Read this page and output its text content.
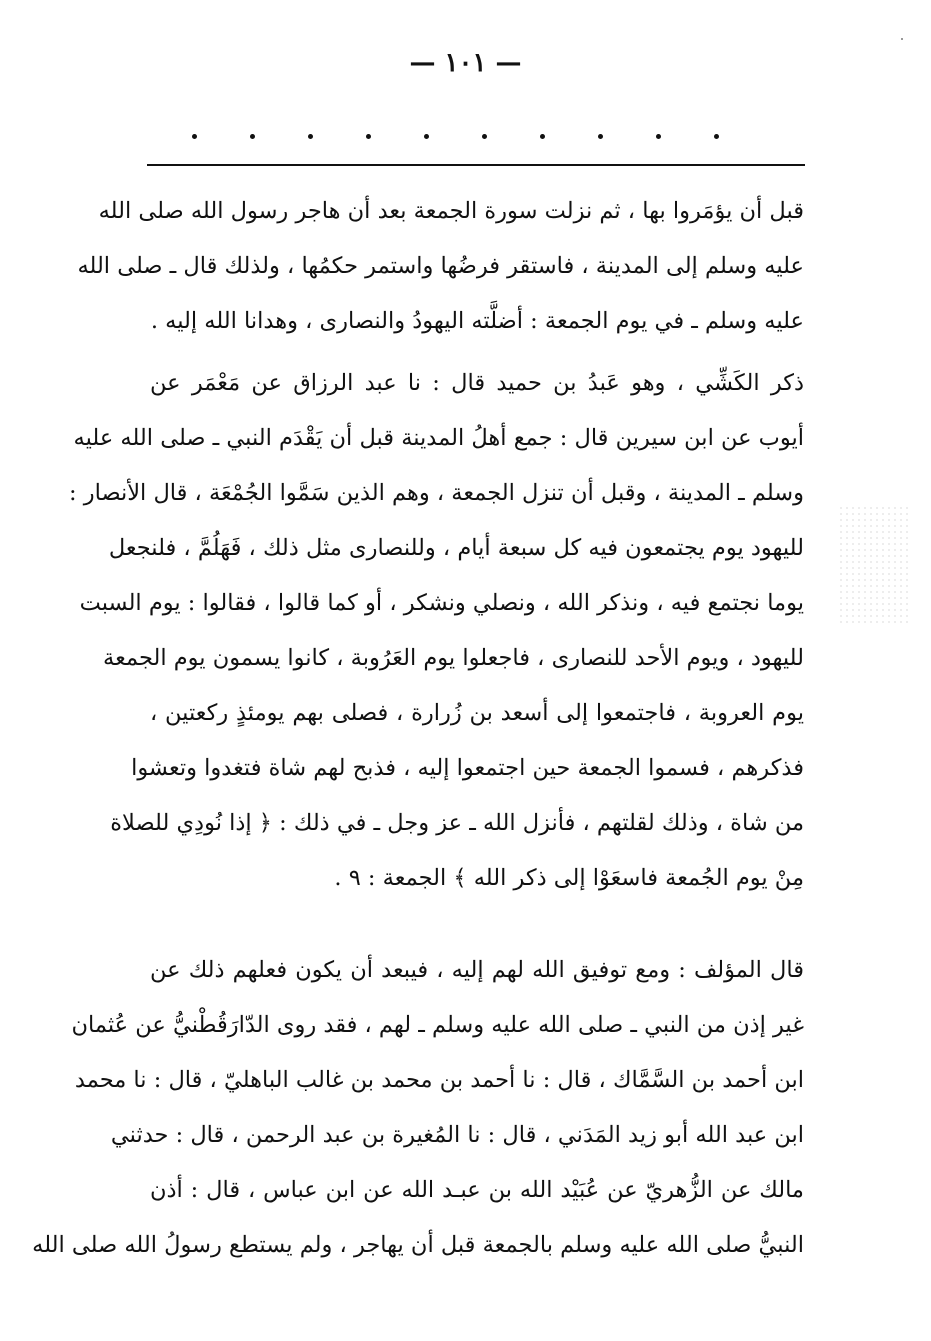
— ١٠١ —
قبل أن يؤمَروا بها ، ثم نزلت سورة الجمعة بعد أن هاجر رسول الله صلى الله
عليه وسلم إلى المدينة ، فاستقر فرضُها واستمر حكمُها ، ولذلك قال ـ صلى الله
عليه وسلم ـ في يوم الجمعة : أضلَّته اليهودُ والنصارى ، وهدانا الله إليه .
ذكر الكَشِّي ، وهو عَبدُ بن حميد قال : نا عبد الرزاق عن مَعْمَر عن
أيوب عن ابن سيرين قال : جمع أهلُ المدينة قبل أن يَقْدَم النبي ـ صلى الله عليه
وسلم ـ المدينة ، وقبل أن تنزل الجمعة ، وهم الذين سَمَّوا الجُمْعَة ، قال الأنصار :
لليهود يوم يجتمعون فيه كل سبعة أيام ، وللنصارى مثل ذلك ، فَهَلُمَّ ، فلنجعل
يوما نجتمع فيه ، ونذكر الله ، ونصلي ونشكر ، أو كما قالوا ، فقالوا : يوم السبت
لليهود ، ويوم الأحد للنصارى ، فاجعلوا يوم العَرُوبة ، كانوا يسمون يوم الجمعة
يوم العروبة ، فاجتمعوا إلى أسعد بن زُرارة ، فصلى بهم يومئذٍ ركعتين ،
فذكرهم ، فسموا الجمعة حين اجتمعوا إليه ، فذبح لهم شاة فتغدوا وتعشوا
من شاة ، وذلك لقلتهم ، فأنزل الله ـ عز وجل ـ في ذلك : ﴿ إذا نُودِي للصلاة
مِنْ يوم الجُمعة فاسعَوْا إلى ذكر الله ﴾ الجمعة : ٩ .
قال المؤلف : ومع توفيق الله لهم إليه ، فيبعد أن يكون فعلهم ذلك عن
غير إذن من النبي ـ صلى الله عليه وسلم ـ لهم ، فقد روى الدّارَقُطْنيُّ عن عُثمان
ابن أحمد بن السَّمَّاك ، قال : نا أحمد بن محمد بن غالب الباهليّ ، قال : نا محمد
ابن عبد الله أبو زيد المَدَني ، قال : نا المُغيرة بن عبد الرحمن ، قال : حدثني
مالك عن الزُّهريّ عن عُبَيْد الله بن عبـد الله عن ابن عباس ، قال : أذن
النبيُّ صلى الله عليه وسلم بالجمعة قبل أن يهاجر ، ولم يستطع رسولُ الله صلى الله
